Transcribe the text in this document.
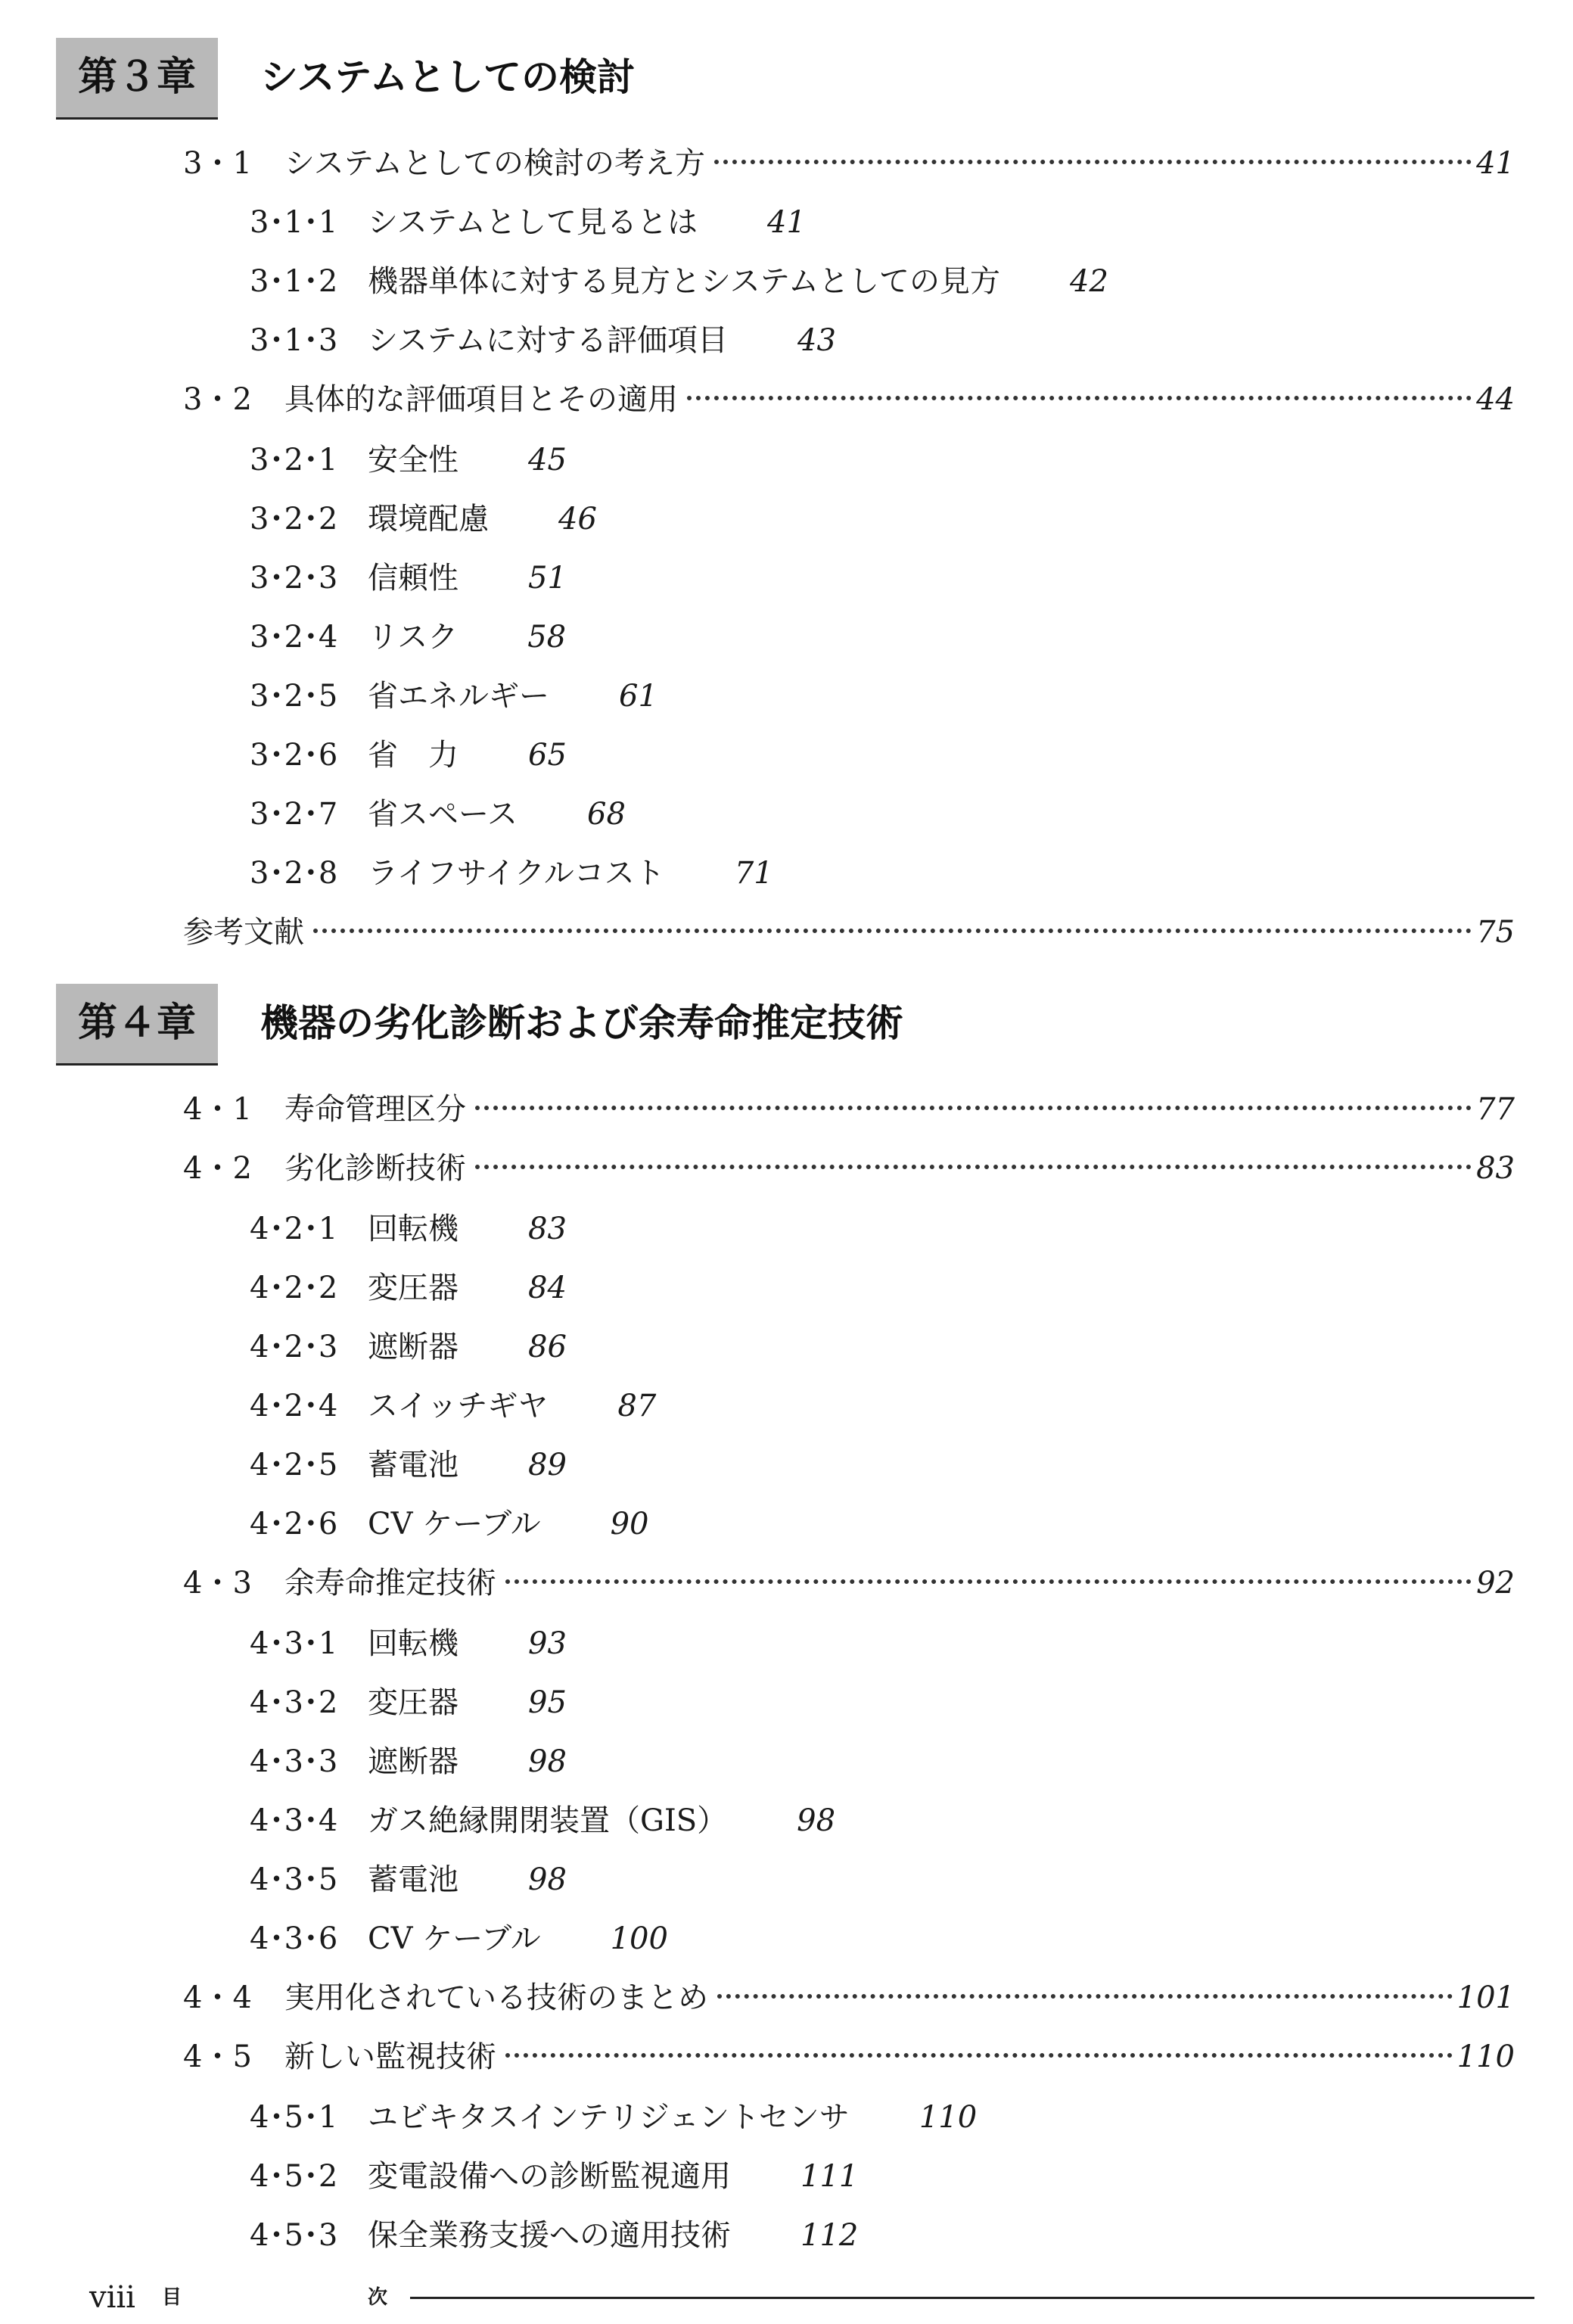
第３章	システムとしての検討
3・1	システムとしての検討の考え方	41
3･1･1 システムとして見るとは 41
3･1･2 機器単体に対する見方とシステムとしての見方 42
3･1･3 システムに対する評価項目 43
3・2	具体的な評価項目とその適用	44
3･2･1 安全性 45
3･2･2 環境配慮 46
3･2･3 信頼性 51
3･2･4 リスク 58
3･2･5 省エネルギー 61
3･2･6 省　力 65
3･2･7 省スペース 68
3･2･8 ライフサイクルコスト 71
参考文献	75
第４章	機器の劣化診断および余寿命推定技術
4・1	寿命管理区分	77
4・2	劣化診断技術	83
4･2･1 回転機 83
4･2･2 変圧器 84
4･2･3 遮断器 86
4･2･4 スイッチギヤ 87
4･2･5 蓄電池 89
4･2･6 CV ケーブル 90
4・3	余寿命推定技術	92
4･3･1 回転機 93
4･3･2 変圧器 95
4･3･3 遮断器 98
4･3･4 ガス絶縁開閉装置（GIS） 98
4･3･5 蓄電池 98
4･3･6 CV ケーブル 100
4・4	実用化されている技術のまとめ	101
4・5	新しい監視技術	110
4･5･1 ユビキタスインテリジェントセンサ 110
4･5･2 変電設備への診断監視適用 111
4･5･3 保全業務支援への適用技術 112
viii	目	次
